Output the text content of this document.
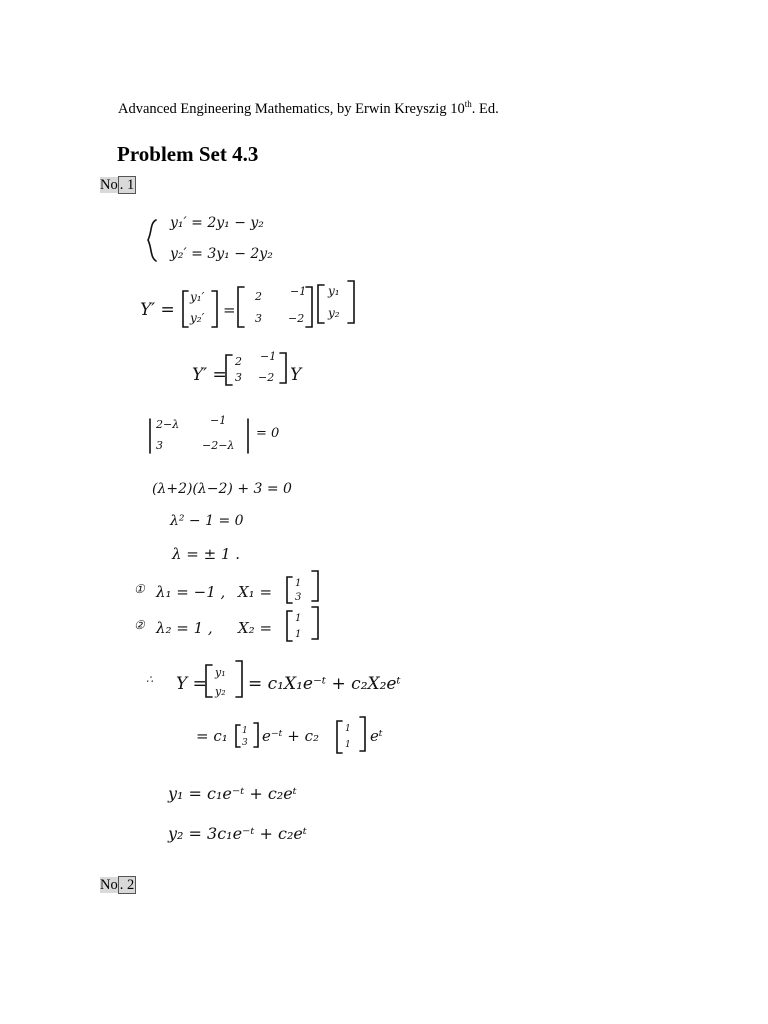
Advanced Engineering Mathematics, by Erwin Kreyszig 10th. Ed.
Problem Set 4.3
No . 1
y₁′ = 2y₁ − y₂
y₂′ = 3y₁ − 2y₂
Y′ =
y₁′
y₂′ =
2	−1
3 −2
y₁
y₂
Y′ =
2 −1
3 −2 Y
2−λ	−1
3	−2−λ
= 0
(λ+2)(λ−2) + 3 = 0
λ² − 1 = 0
λ = ± 1 .
① λ₁ = −1 , X₁ = 1
3
② λ₂ = 1 , X₂ =
1
1
∴ Y =
y₁
y₂ = c₁X₁e⁻ᵗ + c₂X₂eᵗ
= c₁ 1
3 e⁻ᵗ + c₂	1
1 eᵗ
y₁ = c₁e⁻ᵗ + c₂eᵗ
y₂ = 3c₁e⁻ᵗ + c₂eᵗ
No . 2
